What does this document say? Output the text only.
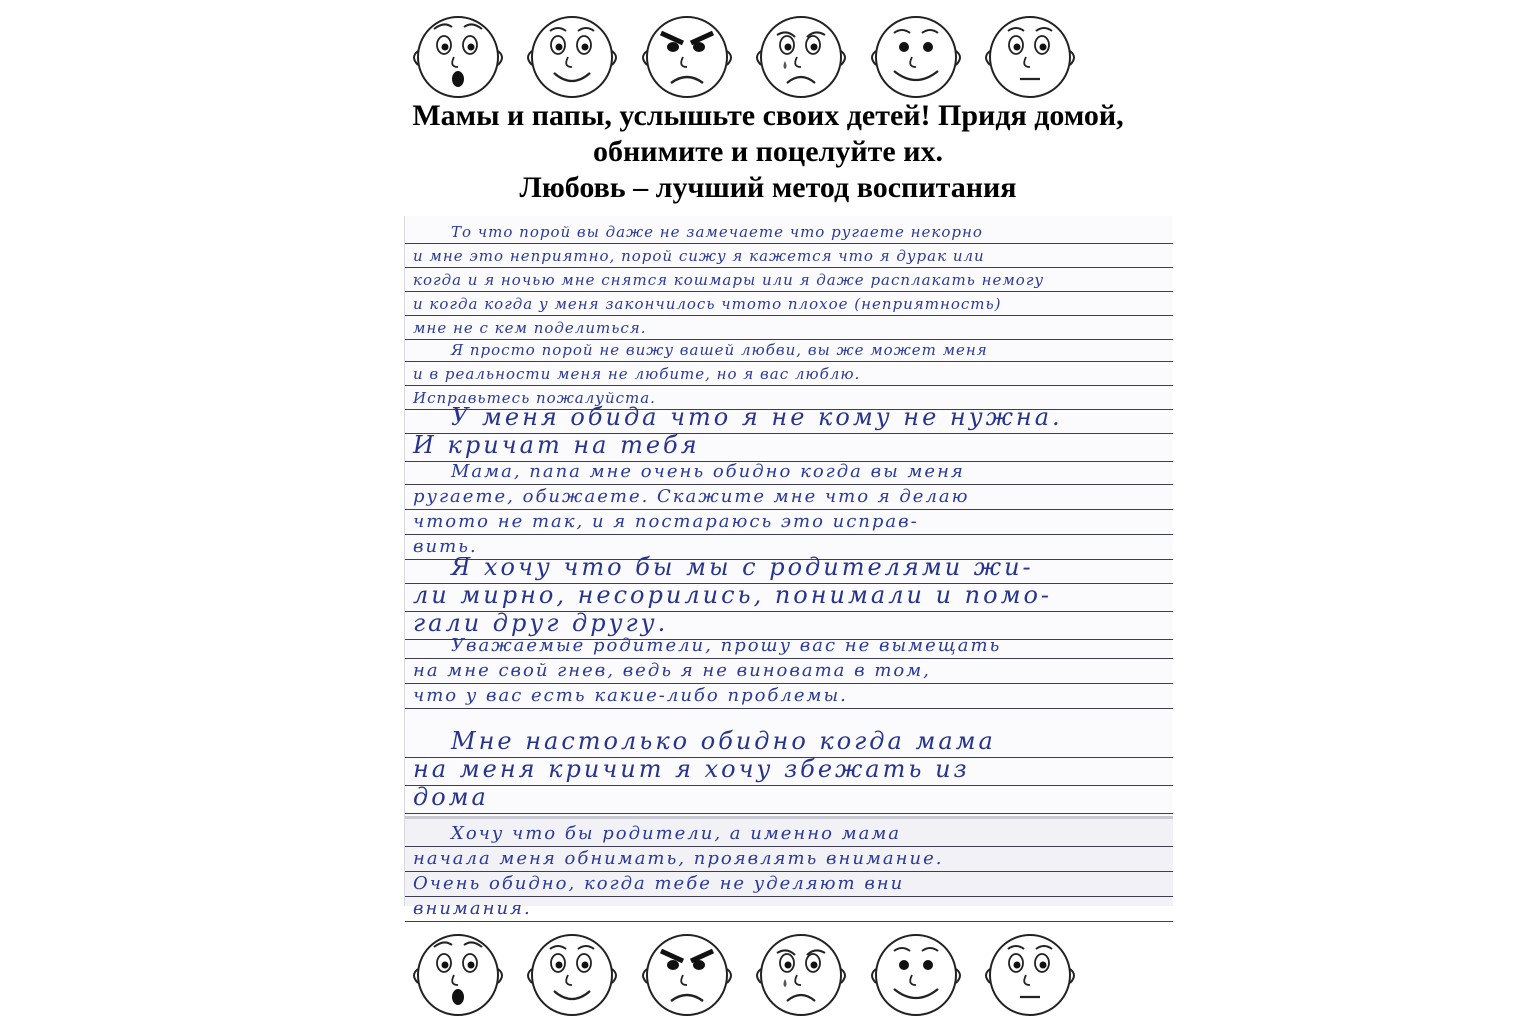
Мамы и папы, услышьте своих детей! Придя домой,
обнимите и поцелуйте их.
Любовь – лучший метод воспитания
То что порой вы даже не замечаете что ругаете некорно
и мне это неприятно, порой сижу я кажется что я дурак или
когда и я ночью мне снятся кошмары или я даже расплакать немогу
и когда когда у меня закончилось чтото плохое (неприятность)
мне не с кем поделиться.
Я просто порой не вижу вашей любви, вы же может меня
и в реальности меня не любите, но я вас люблю.
Исправьтесь пожалуйста.
У меня обида что я не кому не нужна.
И кричат на тебя
Мама, папа мне очень обидно когда вы меня
ругаете, обижаете. Скажите мне что я делаю
чтото не так, и я постараюсь это исправ-
вить.
Я хочу что бы мы с родителями жи-
ли мирно, несорились, понимали и помо-
гали друг другу.
Уважаемые родители, прошу вас не вымещать
на мне свой гнев, ведь я не виновата в том,
что у вас есть какие-либо проблемы.
Мне настолько обидно когда мама
на меня кричит я хочу збежать из
дома
Хочу что бы родители, а именно мама
начала меня обнимать, проявлять внимание.
Очень обидно, когда тебе не уделяют вни
внимания.
